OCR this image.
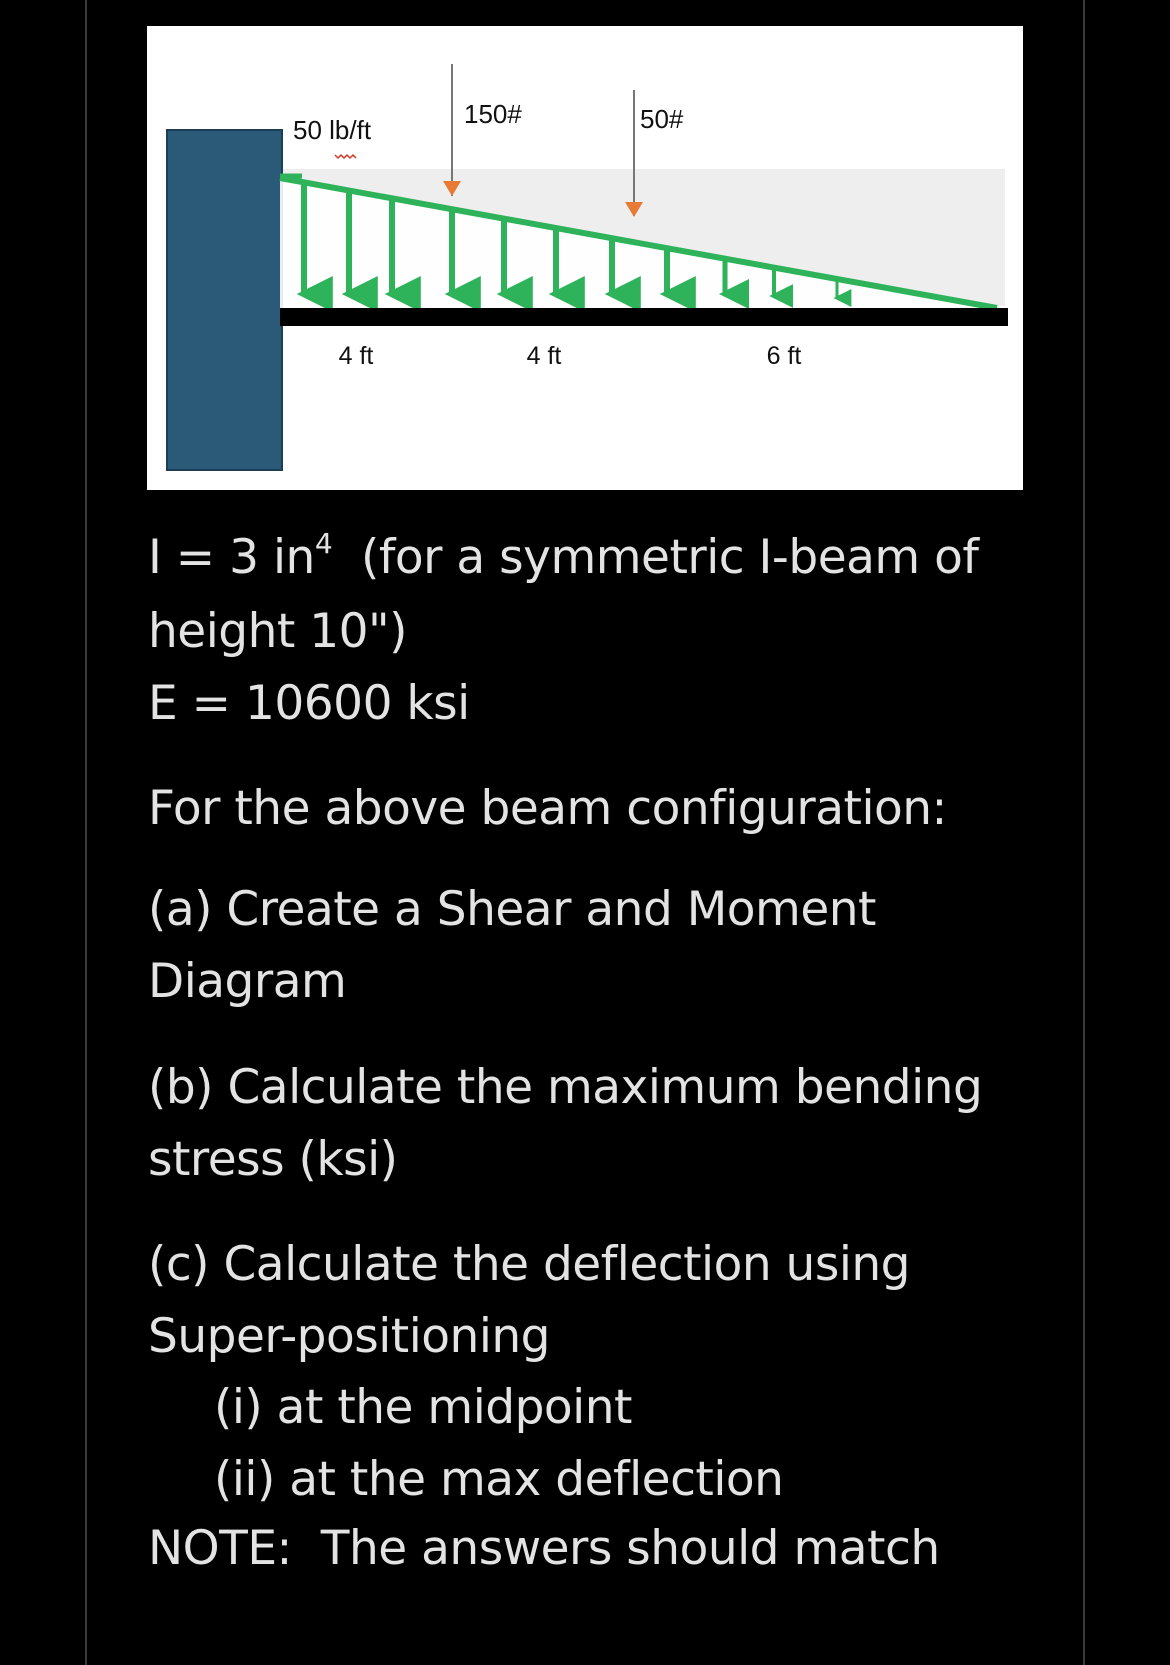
50 lb/ft
150#	50#
4 ft	4 ft	6 ft
I = 3 $in^4$  (for a symmetric I-beam of
height 10")
E = 10600 ksi
For the above beam configuration:
(a) Create a Shear and Moment
Diagram
(b) Calculate the maximum bending
stress (ksi)
(c) Calculate the deflection using
Super-positioning
(i) at the midpoint
(ii) at the max deflection
NOTE:  The answers should match
